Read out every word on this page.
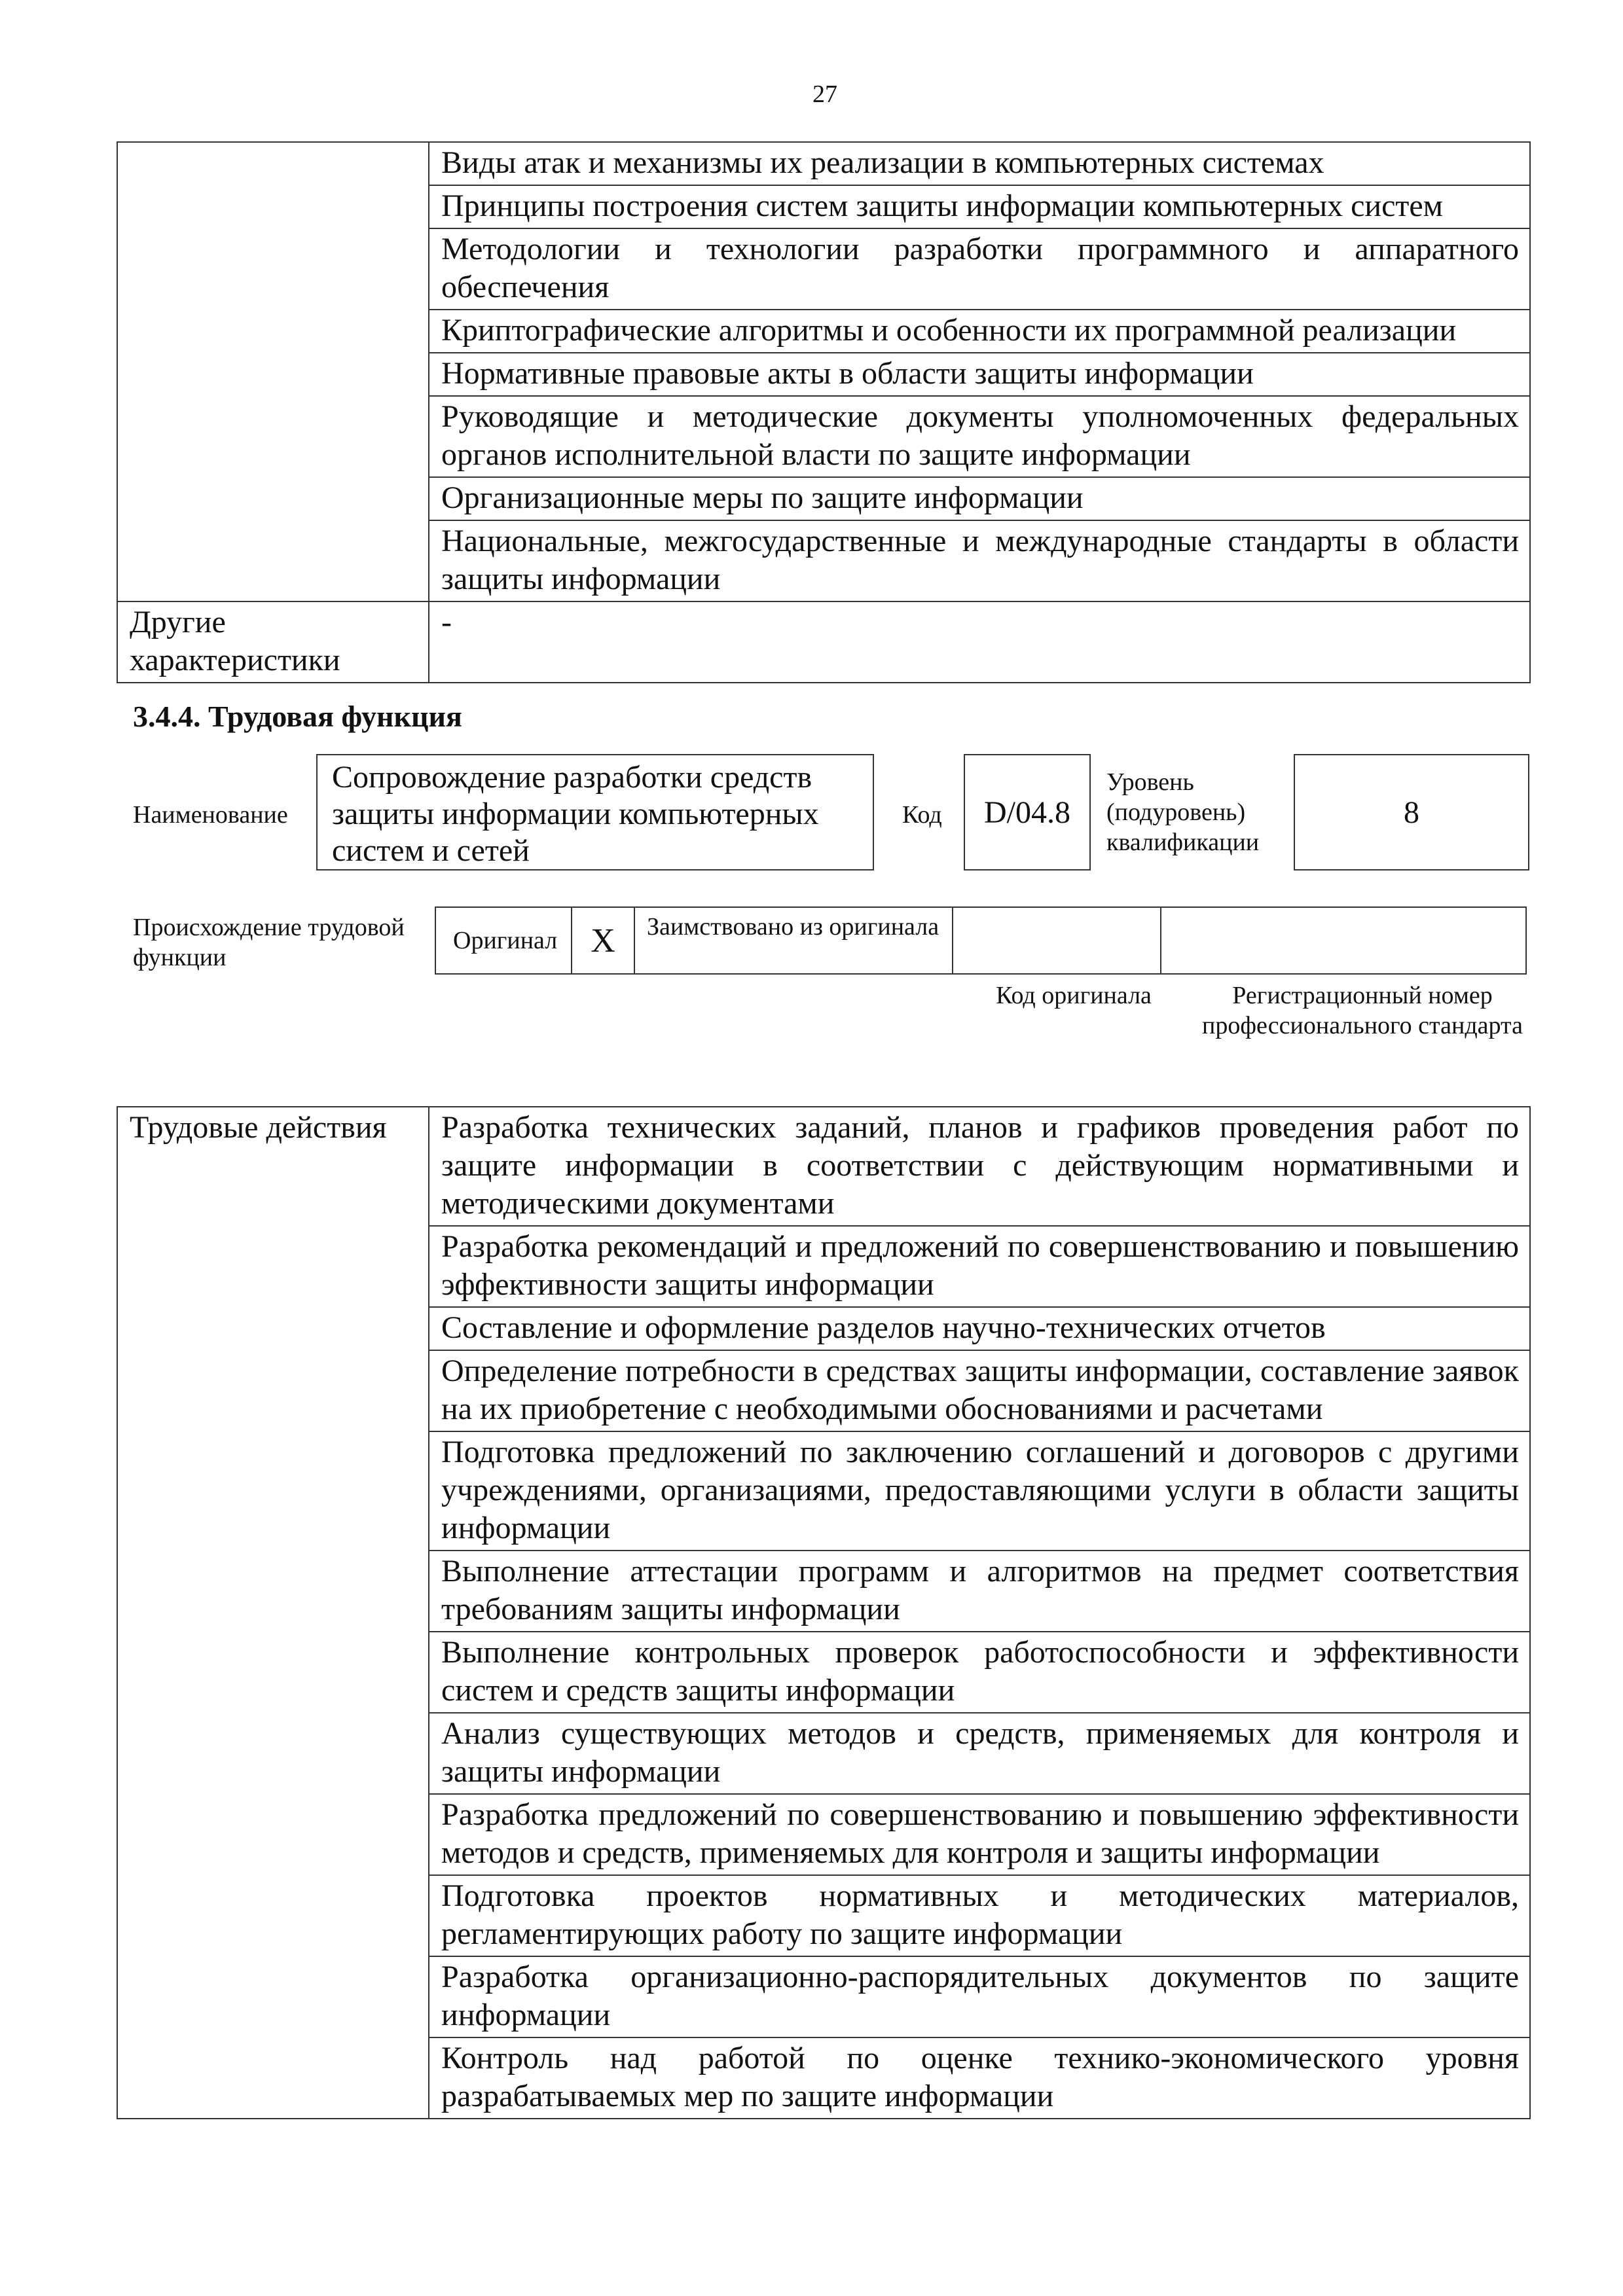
27
	Виды атак и механизмы их реализации в компьютерных системах
	Принципы построения систем защиты информации компьютерных систем
	Методологии и технологии разработки программного и аппаратного обеспечения
	Криптографические алгоритмы и особенности их программной реализации
	Нормативные правовые акты в области защиты информации
	Руководящие и методические документы уполномоченных федеральных органов исполнительной власти по защите информации
	Организационные меры по защите информации
	Национальные, межгосударственные и международные стандарты в области защиты информации
Другие характеристики	-
3.4.4. Трудовая функция
Наименование
Сопровождение разработки средств защиты информации компьютерных систем и сетей
Код	D/04.8
Уровень (подуровень) квалификации
8
Происхождение трудовой функции
Оригинал X	Заимствовано из оригинала
Код оригинала	Регистрационный номер профессионального стандарта
Трудовые действия	Разработка технических заданий, планов и графиков проведения работ по защите информации в соответствии с действующим нормативными и методическими документами
Разработка рекомендаций и предложений по совершенствованию и повышению эффективности защиты информации
Составление и оформление разделов научно-технических отчетов
Определение потребности в средствах защиты информации, составление заявок на их приобретение с необходимыми обоснованиями и расчетами
Подготовка предложений по заключению соглашений и договоров с другими учреждениями, организациями, предоставляющими услуги в области защиты информации
Выполнение аттестации программ и алгоритмов на предмет соответствия требованиям защиты информации
Выполнение контрольных проверок работоспособности и эффективности систем и средств защиты информации
Анализ существующих методов и средств, применяемых для контроля и защиты информации
Разработка предложений по совершенствованию и повышению эффективности методов и средств, применяемых для контроля и защиты информации
Подготовка проектов нормативных и методических материалов, регламентирующих работу по защите информации
Разработка организационно-распорядительных документов по защите информации
Контроль над работой по оценке технико-экономического уровня разрабатываемых мер по защите информации
